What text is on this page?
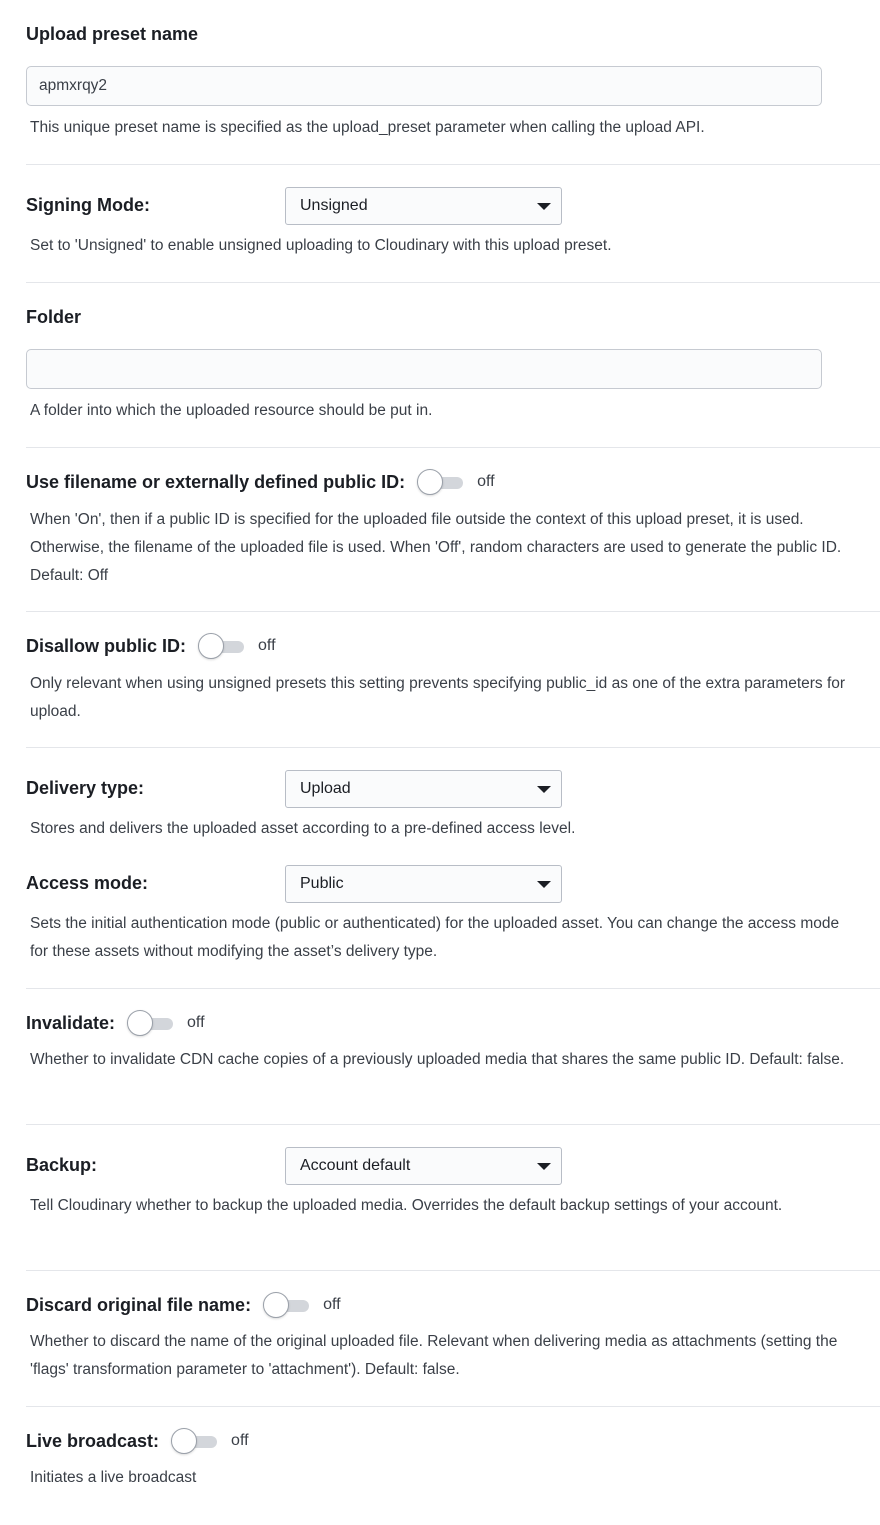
Upload preset name
apmxrqy2
This unique preset name is specified as the upload_preset parameter when calling the upload API.
Signing Mode:	Unsigned
Set to 'Unsigned' to enable unsigned uploading to Cloudinary with this upload preset.
Folder
A folder into which the uploaded resource should be put in.
Use filename or externally defined public ID:	off
When 'On', then if a public ID is specified for the uploaded file outside the context of this upload preset, it is used. Otherwise, the filename of the uploaded file is used. When 'Off', random characters are used to generate the public ID. Default: Off
Disallow public ID:	off
Only relevant when using unsigned presets this setting prevents specifying public_id as one of the extra parameters for upload.
Delivery type:	Upload
Stores and delivers the uploaded asset according to a pre-defined access level.
Access mode:	Public
Sets the initial authentication mode (public or authenticated) for the uploaded asset. You can change the access mode for these assets without modifying the asset’s delivery type.
Invalidate:	off
Whether to invalidate CDN cache copies of a previously uploaded media that shares the same public ID. Default: false.
Backup:	Account default
Tell Cloudinary whether to backup the uploaded media. Overrides the default backup settings of your account.
Discard original file name:	off
Whether to discard the name of the original uploaded file. Relevant when delivering media as attachments (setting the 'flags' transformation parameter to 'attachment'). Default: false.
Live broadcast:	off
Initiates a live broadcast
